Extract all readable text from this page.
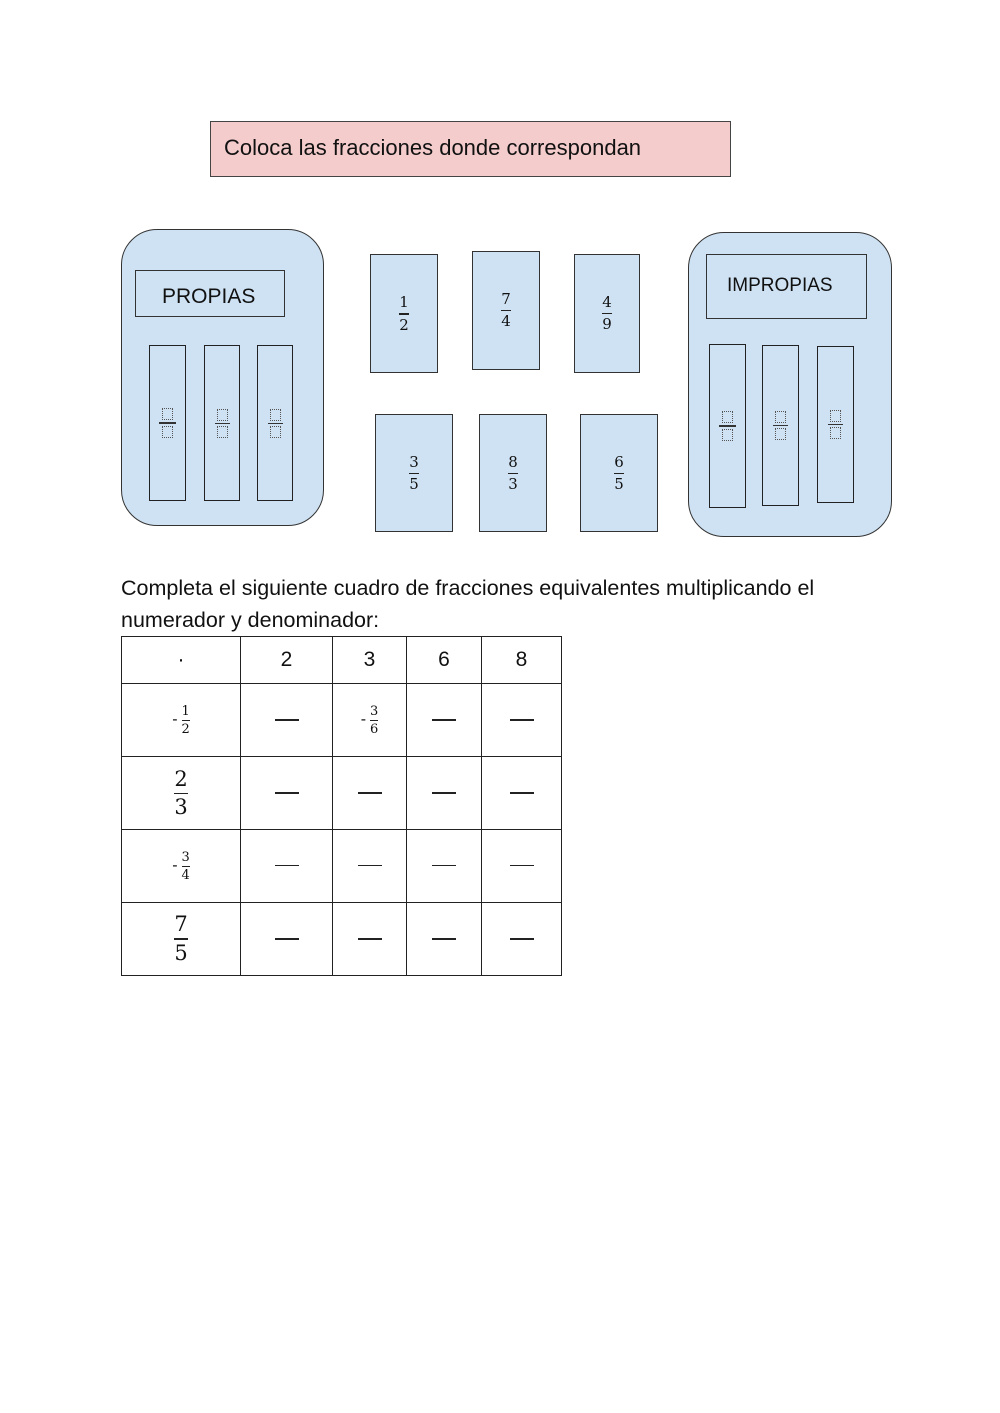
Coloca las fracciones donde correspondan
PROPIAS	$\frac{1}{2}$	$\frac{7}{4}$	$\frac{4}{9}$
$\frac{3}{5}$	$\frac{8}{3}$	$\frac{6}{5}$
IMPROPIAS
Completa el siguiente cuadro de fracciones equivalentes multiplicando el numerador y denominador:
·	2	3	6	8

- $\frac{1}{2}$		- $\frac{3}{6}$

$\frac{2}{3}$

- $\frac{3}{4}$

$\frac{7}{5}$
